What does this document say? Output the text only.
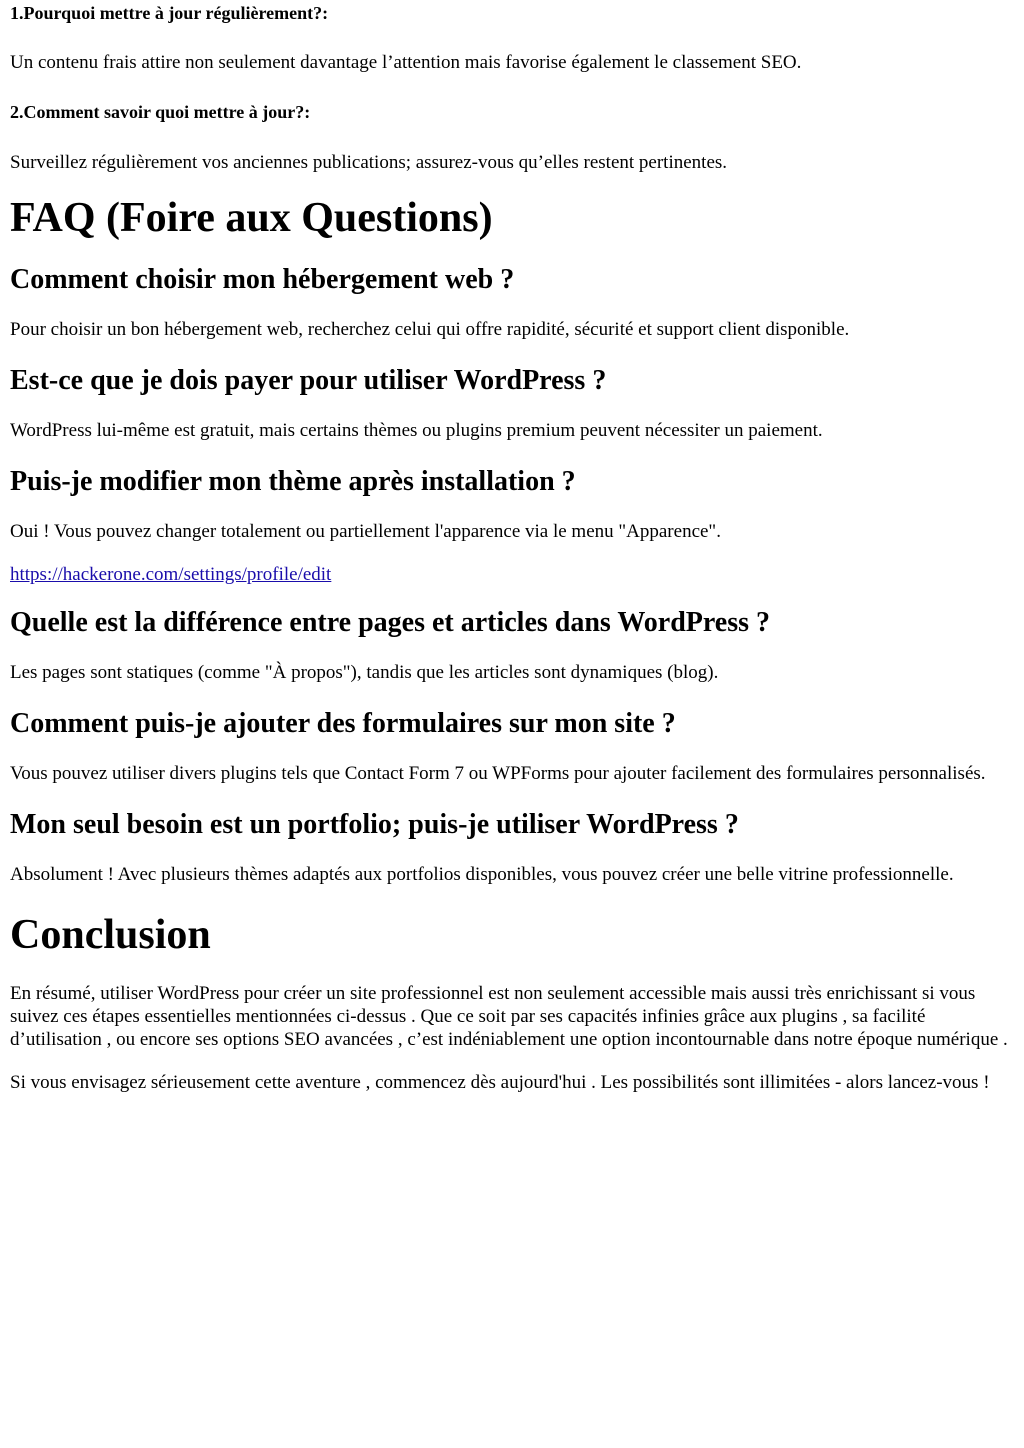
1.Pourquoi mettre à jour régulièrement?:

Un contenu frais attire non seulement davantage l’attention mais favorise également le classement SEO.

2.Comment savoir quoi mettre à jour?:

Surveillez régulièrement vos anciennes publications; assurez-vous qu’elles restent pertinentes.

FAQ (Foire aux Questions)
Comment choisir mon hébergement web ?

Pour choisir un bon hébergement web, recherchez celui qui offre rapidité, sécurité et support client disponible.

Est-ce que je dois payer pour utiliser WordPress ?

WordPress lui-même est gratuit, mais certains thèmes ou plugins premium peuvent nécessiter un paiement.

Puis-je modifier mon thème après installation ?

Oui ! Vous pouvez changer totalement ou partiellement l'apparence via le menu "Apparence".

https://hackerone.com/settings/profile/edit

Quelle est la différence entre pages et articles dans WordPress ?

Les pages sont statiques (comme "À propos"), tandis que les articles sont dynamiques (blog).

Comment puis-je ajouter des formulaires sur mon site ?

Vous pouvez utiliser divers plugins tels que Contact Form 7 ou WPForms pour ajouter facilement des formulaires personnalisés.

Mon seul besoin est un portfolio; puis-je utiliser WordPress ?

Absolument ! Avec plusieurs thèmes adaptés aux portfolios disponibles, vous pouvez créer une belle vitrine professionnelle.

Conclusion

En résumé, utiliser WordPress pour créer un site professionnel est non seulement accessible mais aussi très enrichissant si vous suivez ces étapes essentielles mentionnées ci-dessus . Que ce soit par ses capacités infinies grâce aux plugins , sa facilité d’utilisation , ou encore ses options SEO avancées , c’est indéniablement une option incontournable dans notre époque numérique .

Si vous envisagez sérieusement cette aventure , commencez dès aujourd'hui . Les possibilités sont illimitées - alors lancez-vous !
